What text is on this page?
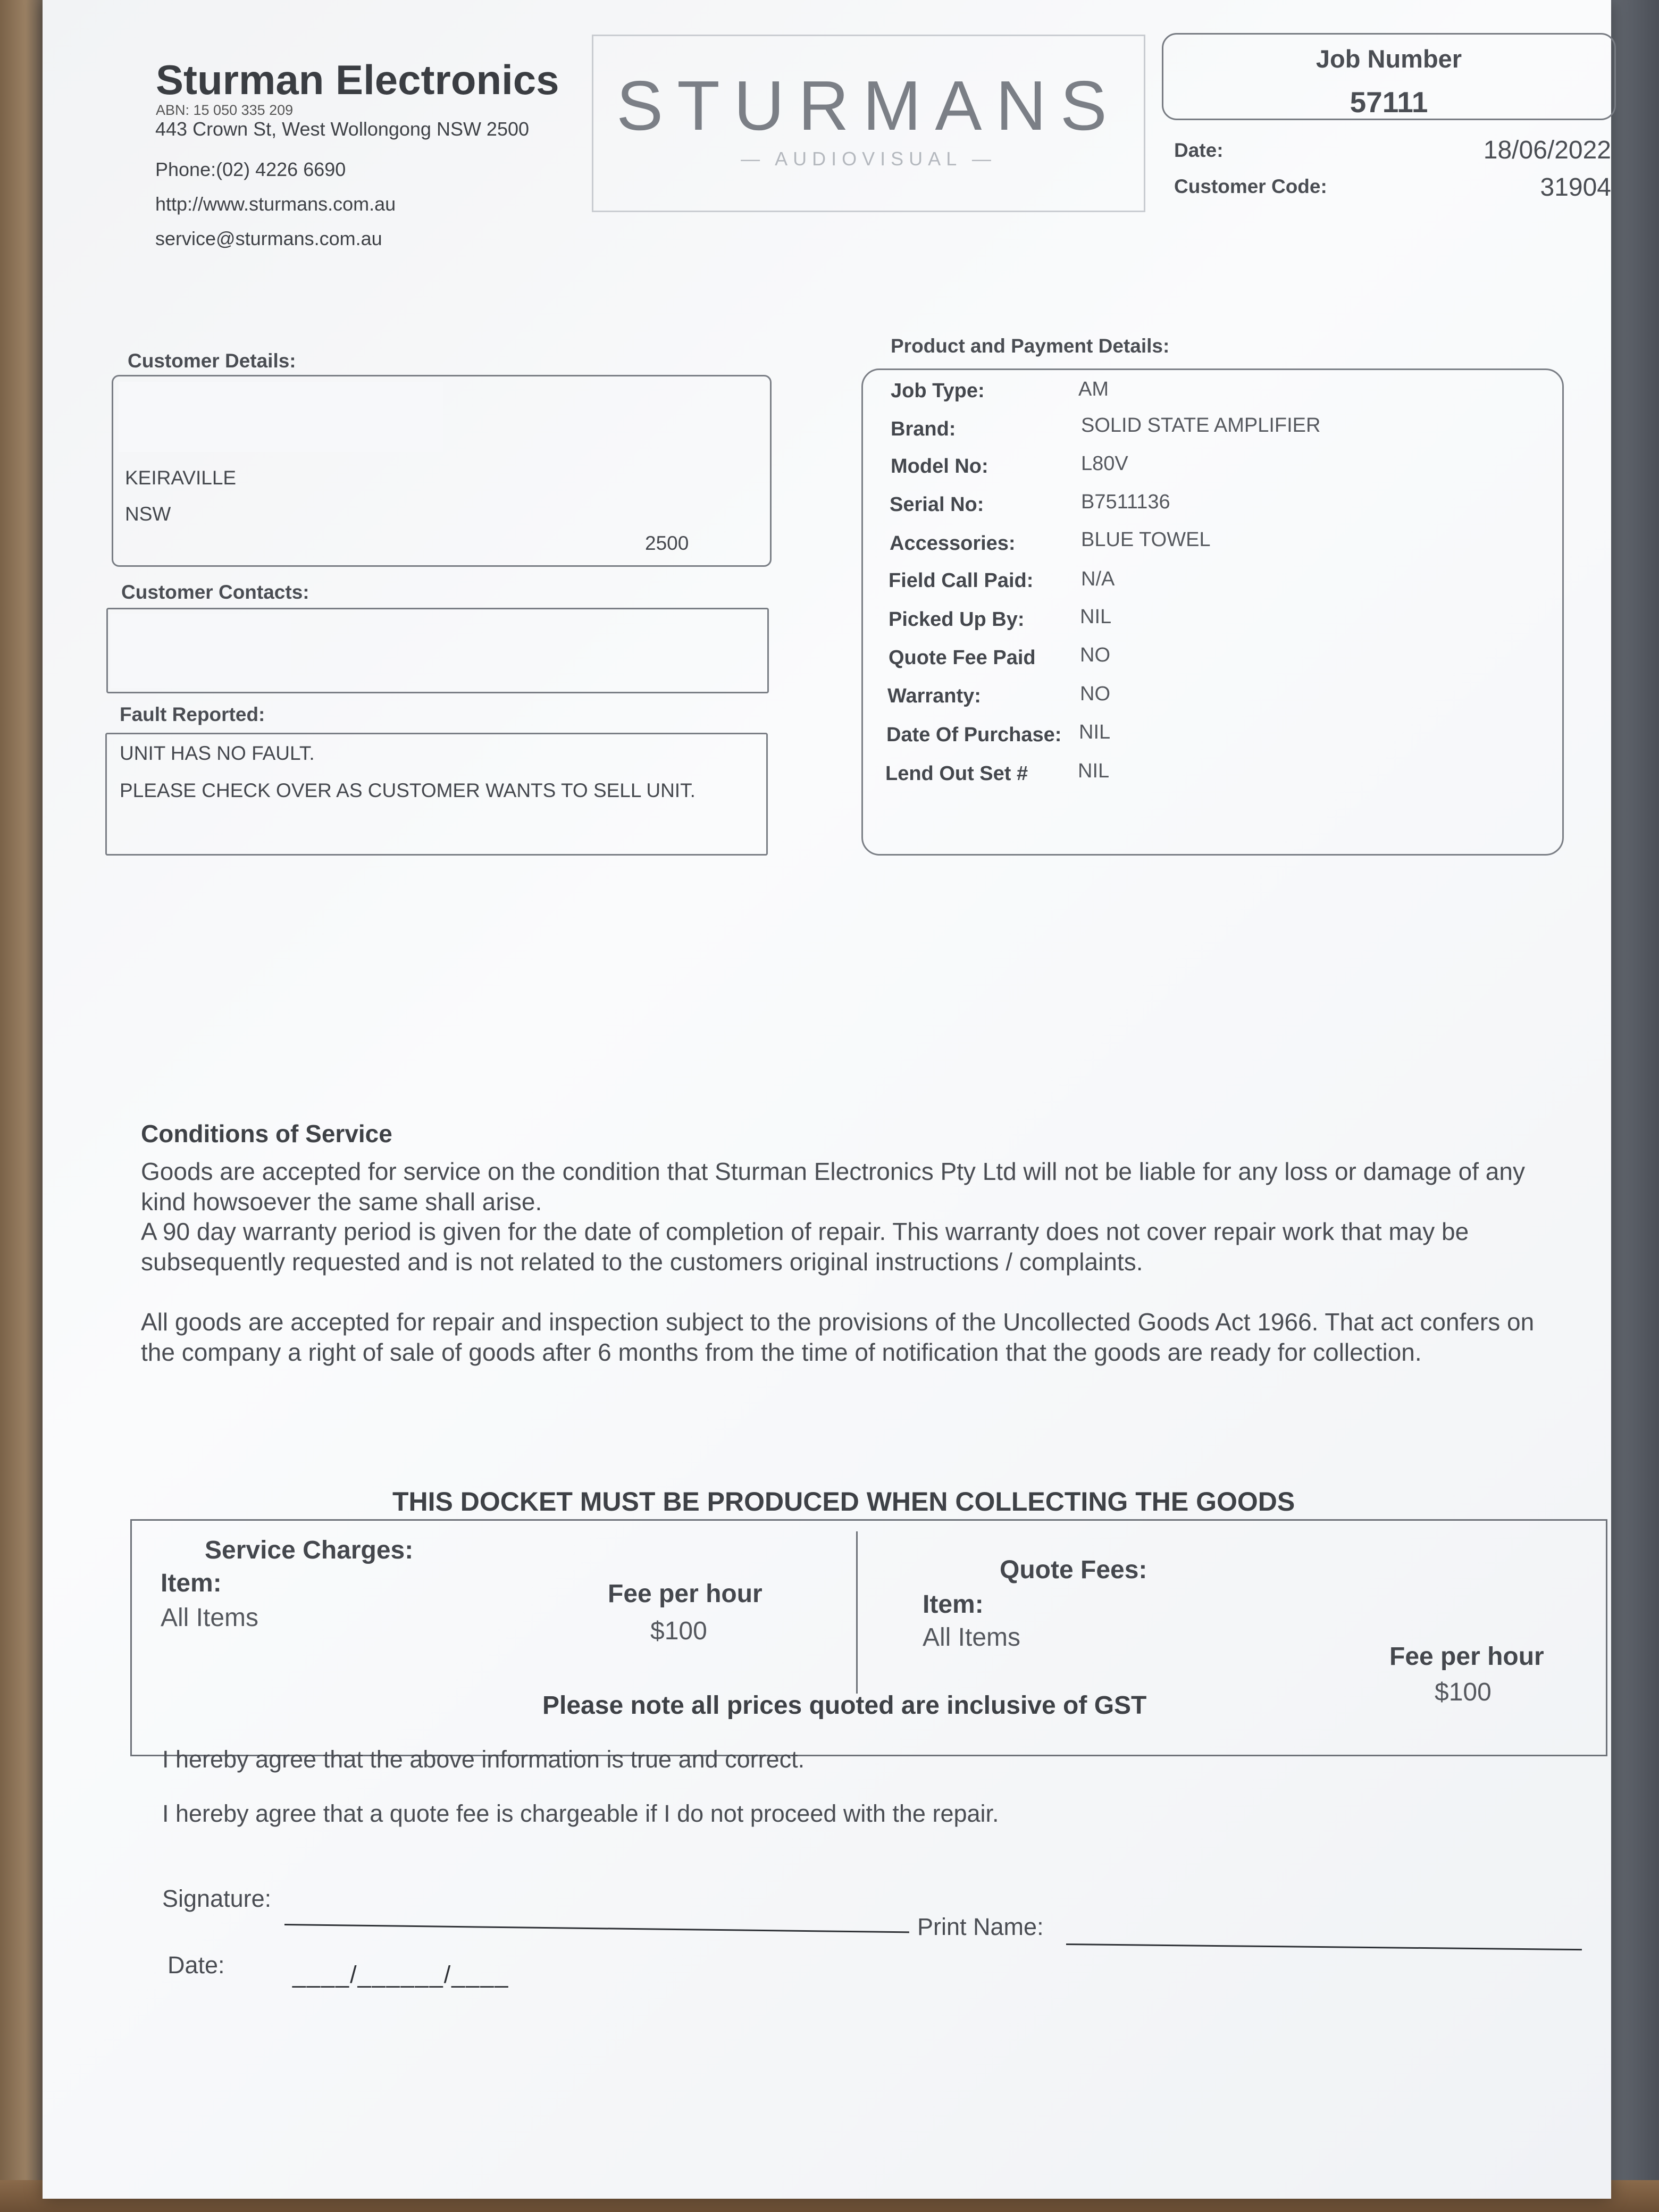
Sturman Electronics
ABN: 15 050 335 209
443 Crown St, West Wollongong NSW 2500
Phone:(02) 4226 6690
http://www.sturmans.com.au
service@sturmans.com.au
STURMANS
— AUDIOVISUAL —
Job Number
57111
Date:	18/06/2022
Customer Code:	31904
Customer Details:
KEIRAVILLE
NSW
2500
Customer Contacts:
Fault Reported:
UNIT HAS NO FAULT.
PLEASE CHECK OVER AS CUSTOMER WANTS TO SELL UNIT.
Product and Payment Details:
Job Type:	AM
Brand:	SOLID STATE AMPLIFIER
Model No:	L80V
Serial No:	B7511136
Accessories:	BLUE TOWEL
Field Call Paid: N/A
Picked Up By:	NIL
Quote Fee Paid NO
Warranty:	NO
Date Of Purchase: NIL
Lend Out Set # NIL
Conditions of Service
Goods are accepted for service on the condition that Sturman Electronics Pty Ltd will not be liable for any loss or damage of any kind howsoever the same shall arise.
A 90 day warranty period is given for the date of completion of repair. This warranty does not cover repair work that may be subsequently requested and is not related to the customers original instructions / complaints.
All goods are accepted for repair and inspection subject to the provisions of the Uncollected Goods Act 1966. That act confers on the company a right of sale of goods after 6 months from the time of notification that the goods are ready for collection.
THIS DOCKET MUST BE PRODUCED WHEN COLLECTING THE GOODS
Service Charges:
Item:
All Items
Fee per hour
$100
Quote Fees:
Item:
All Items
Fee per hour
$100
Please note all prices quoted are inclusive of GST
I hereby agree that the above information is true and correct.
I hereby agree that a quote fee is chargeable if I do not proceed with the repair.
Signature:
Print Name:
Date:	____/______/____
